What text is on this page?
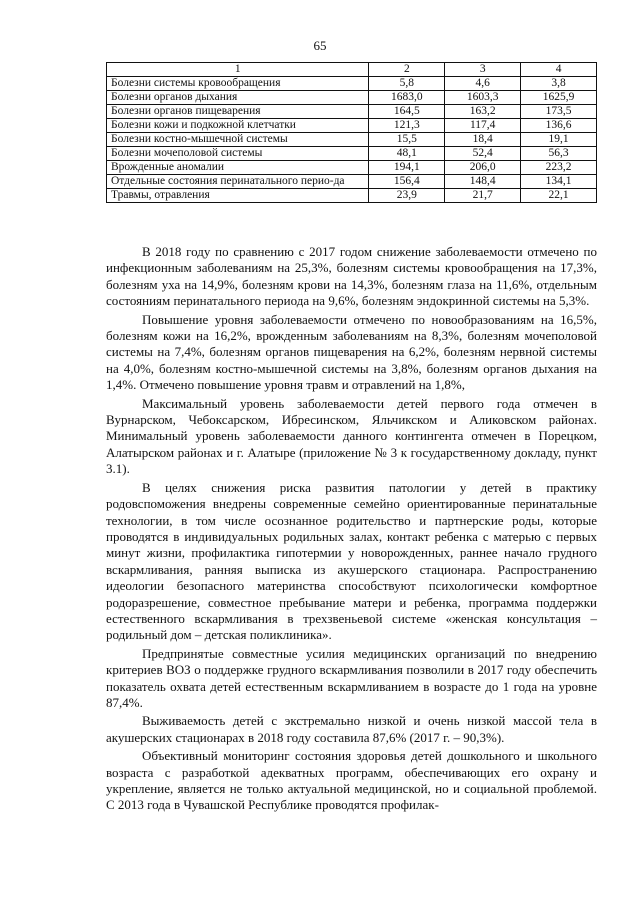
65
1	2	3	4
Болезни системы кровообращения	5,8	4,6	3,8
Болезни органов дыхания	1683,0	1603,3	1625,9
Болезни органов пищеварения	164,5	163,2	173,5
Болезни кожи и подкожной клетчатки	121,3	117,4	136,6
Болезни костно-мышечной системы	15,5	18,4	19,1
Болезни мочеполовой системы	48,1	52,4	56,3
Врожденные аномалии	194,1	206,0	223,2
Отдельные состояния перинатального перио-да	156,4	148,4	134,1
Травмы, отравления	23,9	21,7	22,1

В 2018 году по сравнению с 2017 годом снижение заболеваемости отмечено по инфекционным заболеваниям на 25,3%, болезням системы кровообращения на 17,3%, болезням уха на 14,9%, болезням крови на 14,3%, болезням глаза на 11,6%, отдельным состояниям перинатального периода на 9,6%, болезням эндокринной системы на 5,3%.

Повышение уровня заболеваемости отмечено по новообразованиям на 16,5%, болезням кожи на 16,2%, врожденным заболеваниям на 8,3%, болезням мочеполовой системы на 7,4%, болезням органов пищеварения на 6,2%, болезням нервной системы на 4,0%, болезням костно-мышечной системы на 3,8%, болезням органов дыхания на 1,4%. Отмечено повышение уровня травм и отравлений на 1,8%,

Максимальный уровень заболеваемости детей первого года отмечен в Вурнарском, Чебоксарском, Ибресинском, Яльчикском и Аликовском районах. Минимальный уровень заболеваемости данного контингента отмечен в Порецком, Алатырском районах и г. Алатыре (приложение № 3 к государственному докладу, пункт 3.1).

В целях снижения риска развития патологии у детей в практику родовспоможения внедрены современные семейно ориентированные перинатальные технологии, в том числе осознанное родительство и партнерские роды, которые проводятся в индивидуальных родильных залах, контакт ребенка с матерью с первых минут жизни, профилактика гипотермии у новорожденных, раннее начало грудного вскармливания, ранняя выписка из акушерского стационара. Распространению идеологии безопасного материнства способствуют психологически комфортное родоразрешение, совместное пребывание матери и ребенка, программа поддержки естественного вскармливания в трехзвеньевой системе «женская консультация – родильный дом – детская поликлиника».

Предпринятые совместные усилия медицинских организаций по внедрению критериев ВОЗ о поддержке грудного вскармливания позволили в 2017 году обеспечить показатель охвата детей естественным вскармливанием в возрасте до 1 года на уровне 87,4%.

Выживаемость детей с экстремально низкой и очень низкой массой тела в акушерских стационарах в 2018 году составила 87,6% (2017 г. – 90,3%).

Объективный мониторинг состояния здоровья детей дошкольного и школьного возраста с разработкой адекватных программ, обеспечивающих его охрану и укрепление, является не только актуальной медицинской, но и социальной проблемой. С 2013 года в Чувашской Республике проводятся профилак-
